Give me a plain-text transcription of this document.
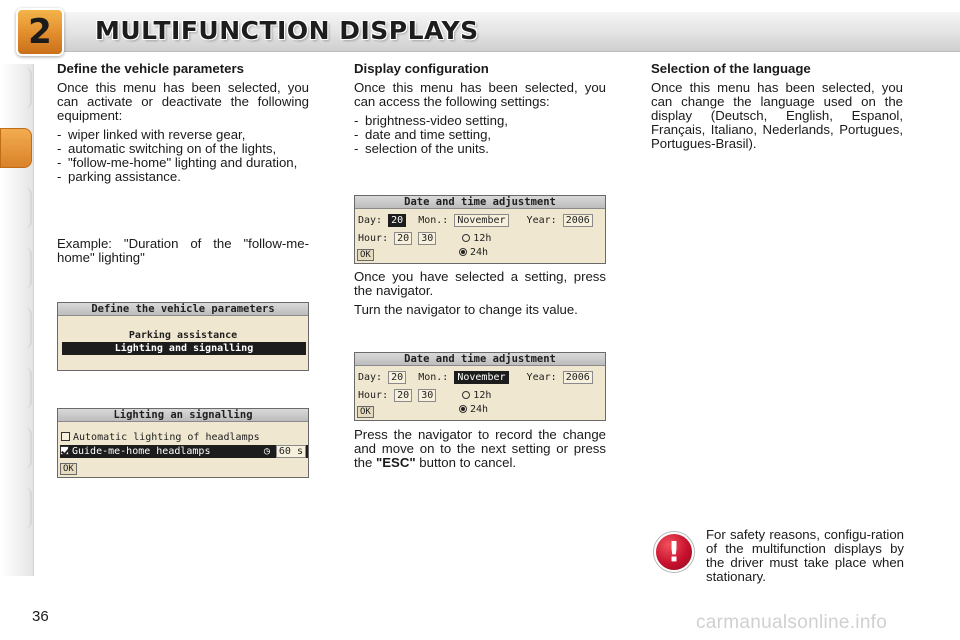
2	MULTIFUNCTION DISPLAYS
Define the vehicle parameters

Once this menu has been selected, you can activate or deactivate the following equipment:

- wiper linked with reverse gear,
- automatic switching on of the lights,
- "follow-me-home" lighting and duration,
- parking assistance.

Example: "Duration of the "follow-me-home" lighting"

Define the vehicle parameters
Parking assistance
Lighting and signalling
Lighting an signalling
Automatic lighting of headlamps
Guide-me-home headlamps	◷ 60 s
OK
Display configuration

Once this menu has been selected, you can access the following settings:

- brightness-video setting,
- date and time setting,
- selection of the units.
Date and time adjustment
Day: 20 Mon.: November Year: 2006
Hour: 20 30	12h
24h
OK

Once you have selected a setting, press the navigator.

Turn the navigator to change its value.

Date and time adjustment
Day: 20 Mon.: November Year: 2006
Hour: 20 30	12h
24h
OK

Press the navigator to record the change and move on to the next setting or press the "ESC" button to cancel.

Selection of the language

Once this menu has been selected, you can change the language used on the display (Deutsch, English, Espanol, Français, Italiano, Nederlands, Portugues, Portugues-Brasil).

!

For safety reasons, configu-ration of the multifunction displays by the driver must take place when stationary.

36	carmanualsonline.info
